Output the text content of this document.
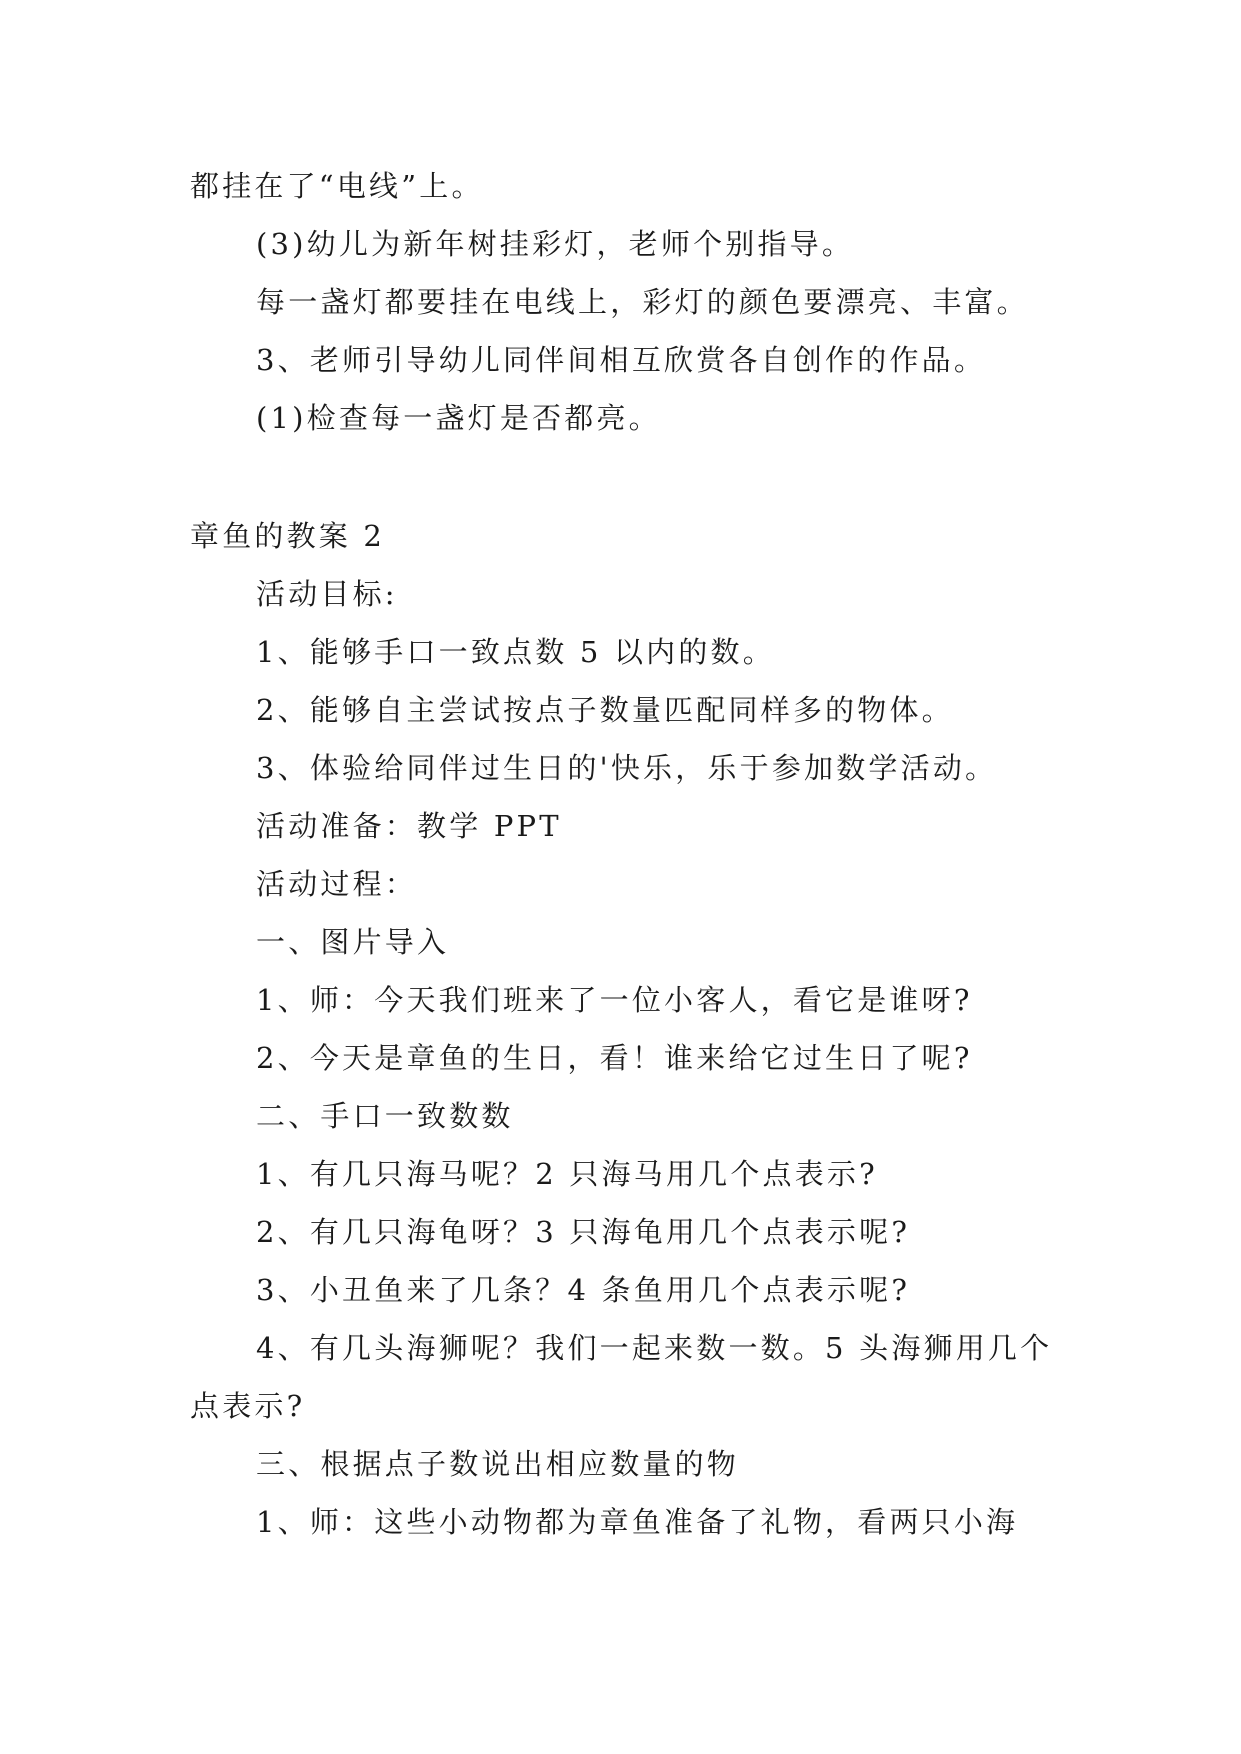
都挂在了“电线”上。
(3)幼儿为新年树挂彩灯，老师个别指导。
每一盏灯都要挂在电线上，彩灯的颜色要漂亮、丰富。
3、老师引导幼儿同伴间相互欣赏各自创作的作品。
(1)检查每一盏灯是否都亮。
章鱼的教案 2
活动目标:
1、能够手口一致点数 5 以内的数。
2、能够自主尝试按点子数量匹配同样多的物体。
3、体验给同伴过生日的'快乐，乐于参加数学活动。
活动准备：教学 PPT
活动过程：
一、图片导入
1、师：今天我们班来了一位小客人，看它是谁呀?
2、今天是章鱼的生日，看！谁来给它过生日了呢?
二、手口一致数数
1、有几只海马呢？2 只海马用几个点表示?
2、有几只海龟呀？3 只海龟用几个点表示呢?
3、小丑鱼来了几条？4 条鱼用几个点表示呢?
4、有几头海狮呢？我们一起来数一数。5 头海狮用几个
点表示?
三、根据点子数说出相应数量的物
1、师：这些小动物都为章鱼准备了礼物，看两只小海
